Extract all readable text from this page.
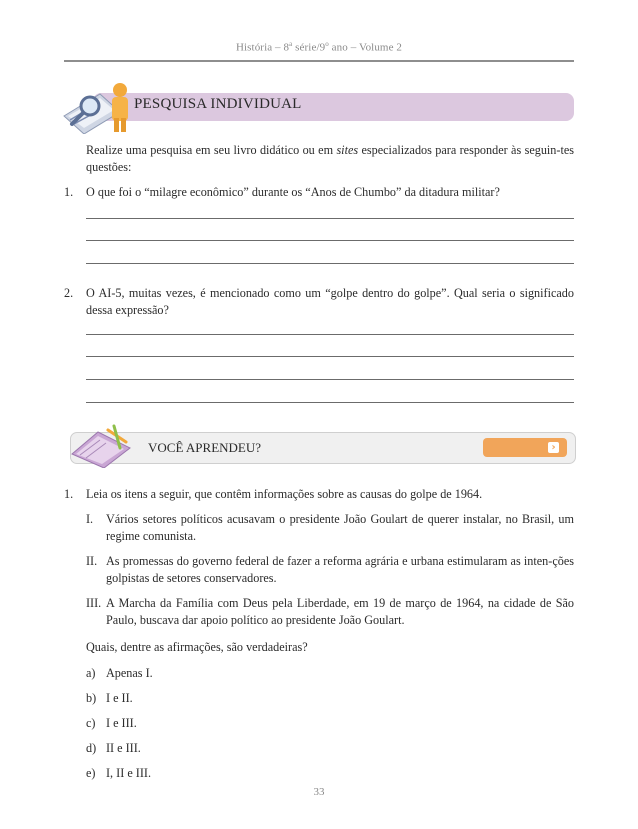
História – 8$^a$ série/9$^o$ ano – Volume 2
PESQUISA INDIVIDUAL
Realize uma pesquisa em seu livro didático ou em sites especializados para responder às seguin-tes questões:
1. O que foi o “milagre econômico” durante os “Anos de Chumbo” da ditadura militar?
2. O AI-5, muitas vezes, é mencionado como um “golpe dentro do golpe”. Qual seria o significado dessa expressão?
VOCÊ APRENDEU?	›
1. Leia os itens a seguir, que contêm informações sobre as causas do golpe de 1964.
I. Vários setores políticos acusavam o presidente João Goulart de querer instalar, no Brasil, um regime comunista.
II. As promessas do governo federal de fazer a reforma agrária e urbana estimularam as inten-ções golpistas de setores conservadores.
III. A Marcha da Família com Deus pela Liberdade, em 19 de março de 1964, na cidade de São Paulo, buscava dar apoio político ao presidente João Goulart.
Quais, dentre as afirmações, são verdadeiras?
a) Apenas I.
b) I e II.
c) I e III.
d) II e III.
e) I, II e III.
33
